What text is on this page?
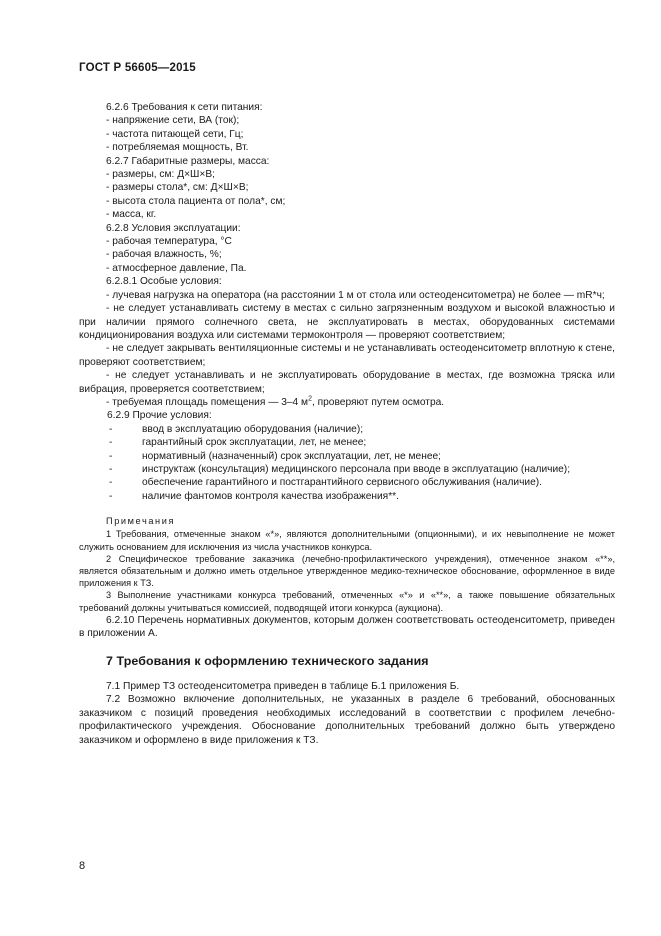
ГОСТ Р 56605—2015

6.2.6 Требования к сети питания:

- напряжение сети, ВА (ток);

- частота питающей сети, Гц;

- потребляемая мощность, Вт.

6.2.7 Габаритные размеры, масса:

- размеры, см: Д×Ш×В;

- размеры стола*, см: Д×Ш×В;

- высота стола пациента от пола*, см;

- масса, кг.

6.2.8 Условия эксплуатации:

- рабочая температура, °C

- рабочая влажность, %;

- атмосферное давление, Па.

6.2.8.1 Особые условия:

- лучевая нагрузка на оператора (на расстоянии 1 м от стола или остеоденситометра) не более — mR*ч;

- не следует устанавливать систему в местах с сильно загрязненным воздухом и высокой влажностью и при наличии прямого солнечного света, не эксплуатировать в местах, оборудованных системами кондиционирования воздуха или системами термоконтроля — проверяют соответствием;

- не следует закрывать вентиляционные системы и не устанавливать остеоденситометр вплотную к стене, проверяют соответствием;

- не следует устанавливать и не эксплуатировать оборудование в местах, где возможна тряска или вибрация, проверяется соответствием;

- требуемая площадь помещения — 3–4 $м^2$, проверяют путем осмотра.

6.2.9 Прочие условия:

-	ввод в эксплуатацию оборудования (наличие);
-	гарантийный срок эксплуатации, лет, не менее;
-	нормативный (назначенный) срок эксплуатации, лет, не менее;
-	инструктаж (консультация) медицинского персонала при вводе в эксплуатацию (наличие);
-	обеспечение гарантийного и постгарантийного сервисного обслуживания (наличие).
-	наличие фантомов контроля качества изображения**.

Примечания

1 Требования, отмеченные знаком «*», являются дополнительными (опционными), и их невыполнение не может служить основанием для исключения из числа участников конкурса.

2 Специфическое требование заказчика (лечебно-профилактического учреждения), отмеченное знаком «**», является обязательным и должно иметь отдельное утвержденное медико-техническое обоснование, оформленное в виде приложения к ТЗ.

3 Выполнение участниками конкурса требований, отмеченных «*» и «**», а также повышение обязательных требований должны учитываться комиссией, подводящей итоги конкурса (аукциона).

6.2.10 Перечень нормативных документов, которым должен соответствовать остеоденситометр, приведен в приложении А.

7 Требования к оформлению технического задания

7.1 Пример ТЗ остеоденситометра приведен в таблице Б.1 приложения Б.

7.2 Возможно включение дополнительных, не указанных в разделе 6 требований, обоснованных заказчиком с позиций проведения необходимых исследований в соответствии с профилем лечебно-профилактического учреждения. Обоснование дополнительных требований должно быть утверждено заказчиком и оформлено в виде приложения к ТЗ.

8
